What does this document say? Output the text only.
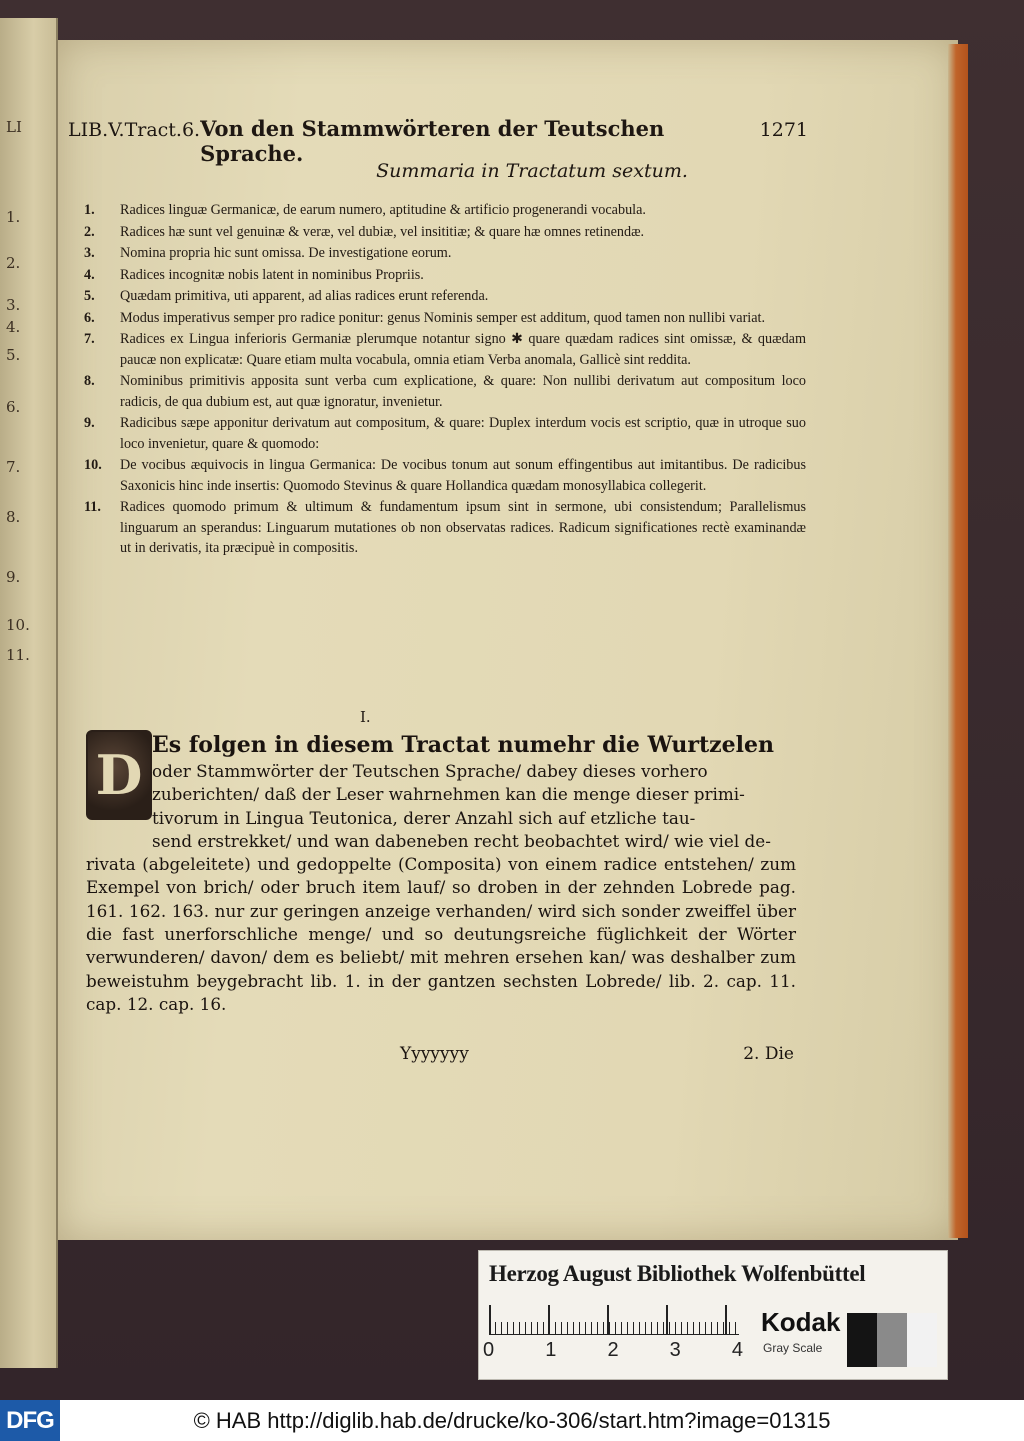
LI
1.
2.
3.
4.
5.
6.
7.
8.
9.
10.
11.
LIB.V.Tract.6. Von den Stammwörteren der Teutschen Sprache.
1271
Summaria in Tractatum sextum.
1.	Radices linguæ Germanicæ, de earum numero, aptitudine & artificio progenerandi vocabula.
2.	Radices hæ sunt vel genuinæ & veræ, vel dubiæ, vel insititiæ; & quare hæ omnes retinendæ.
3.	Nomina propria hic sunt omissa. De investigatione eorum.
4.	Radices incognitæ nobis latent in nominibus Propriis.
5.	Quædam primitiva, uti apparent, ad alias radices erunt referenda.
6.	Modus imperativus semper pro radice ponitur: genus Nominis semper est additum, quod tamen non nullibi variat.
7.	Radices ex Lingua inferioris Germaniæ plerumque notantur signo ✱ quare quædam radices sint omissæ, & quædam paucæ non explicatæ: Quare etiam multa vocabula, omnia etiam Verba anomala, Gallicè sint reddita.
8.	Nominibus primitivis apposita sunt verba cum explicatione, & quare: Non nullibi derivatum aut compositum loco radicis, de qua dubium est, aut quæ ignoratur, invenietur.
9.	Radicibus sæpe apponitur derivatum aut compositum, & quare: Duplex interdum vocis est scriptio, quæ in utroque suo loco invenietur, quare & quomodo:
10.	De vocibus æquivocis in lingua Germanica: De vocibus tonum aut sonum effingentibus aut imitantibus. De radicibus Saxonicis hinc inde insertis: Quomodo Stevinus & quare Hollandica quædam monosyllabica collegerit.
11.	Radices quomodo primum & ultimum & fundamentum ipsum sint in sermone, ubi consistendum; Parallelismus linguarum an sperandus: Linguarum mutationes ob non observatas radices. Radicum significationes rectè examinandæ ut in derivatis, ita præcipuè in compositis.
I.
D Es folgen in diesem Tractat numehr die Wurtzelen

oder Stammwörter der Teutschen Sprache/ dabey dieses vorhero

zuberichten/ daß der Leser wahrnehmen kan die menge dieser primi-

tivorum in Lingua Teutonica, derer Anzahl sich auf etzliche tau-

send erstrekket/ und wan dabeneben recht beobachtet wird/ wie viel de-

rivata (abgeleitete) und gedoppelte (Composita) von einem radice entstehen/ zum Exempel von brich/ oder bruch item lauf/ so droben in der zehnden Lobrede pag. 161. 162. 163. nur zur geringen anzeige verhanden/ wird sich sonder zweiffel über die fast unerforschliche menge/ und so deutungsreiche füglichkeit der Wörter verwunderen/ davon/ dem es beliebt/ mit mehren ersehen kan/ was deshalber zum beweistuhm beygebracht lib. 1. in der gantzen sechsten Lobrede/ lib. 2. cap. 11. cap. 12. cap. 16.

Yyyyyyy	2. Die
Herzog August Bibliothek Wolfenbüttel
0	1	2	3	4
Kodak
Gray Scale
DFG	© HAB http://diglib.hab.de/drucke/ko-306/start.htm?image=01315
